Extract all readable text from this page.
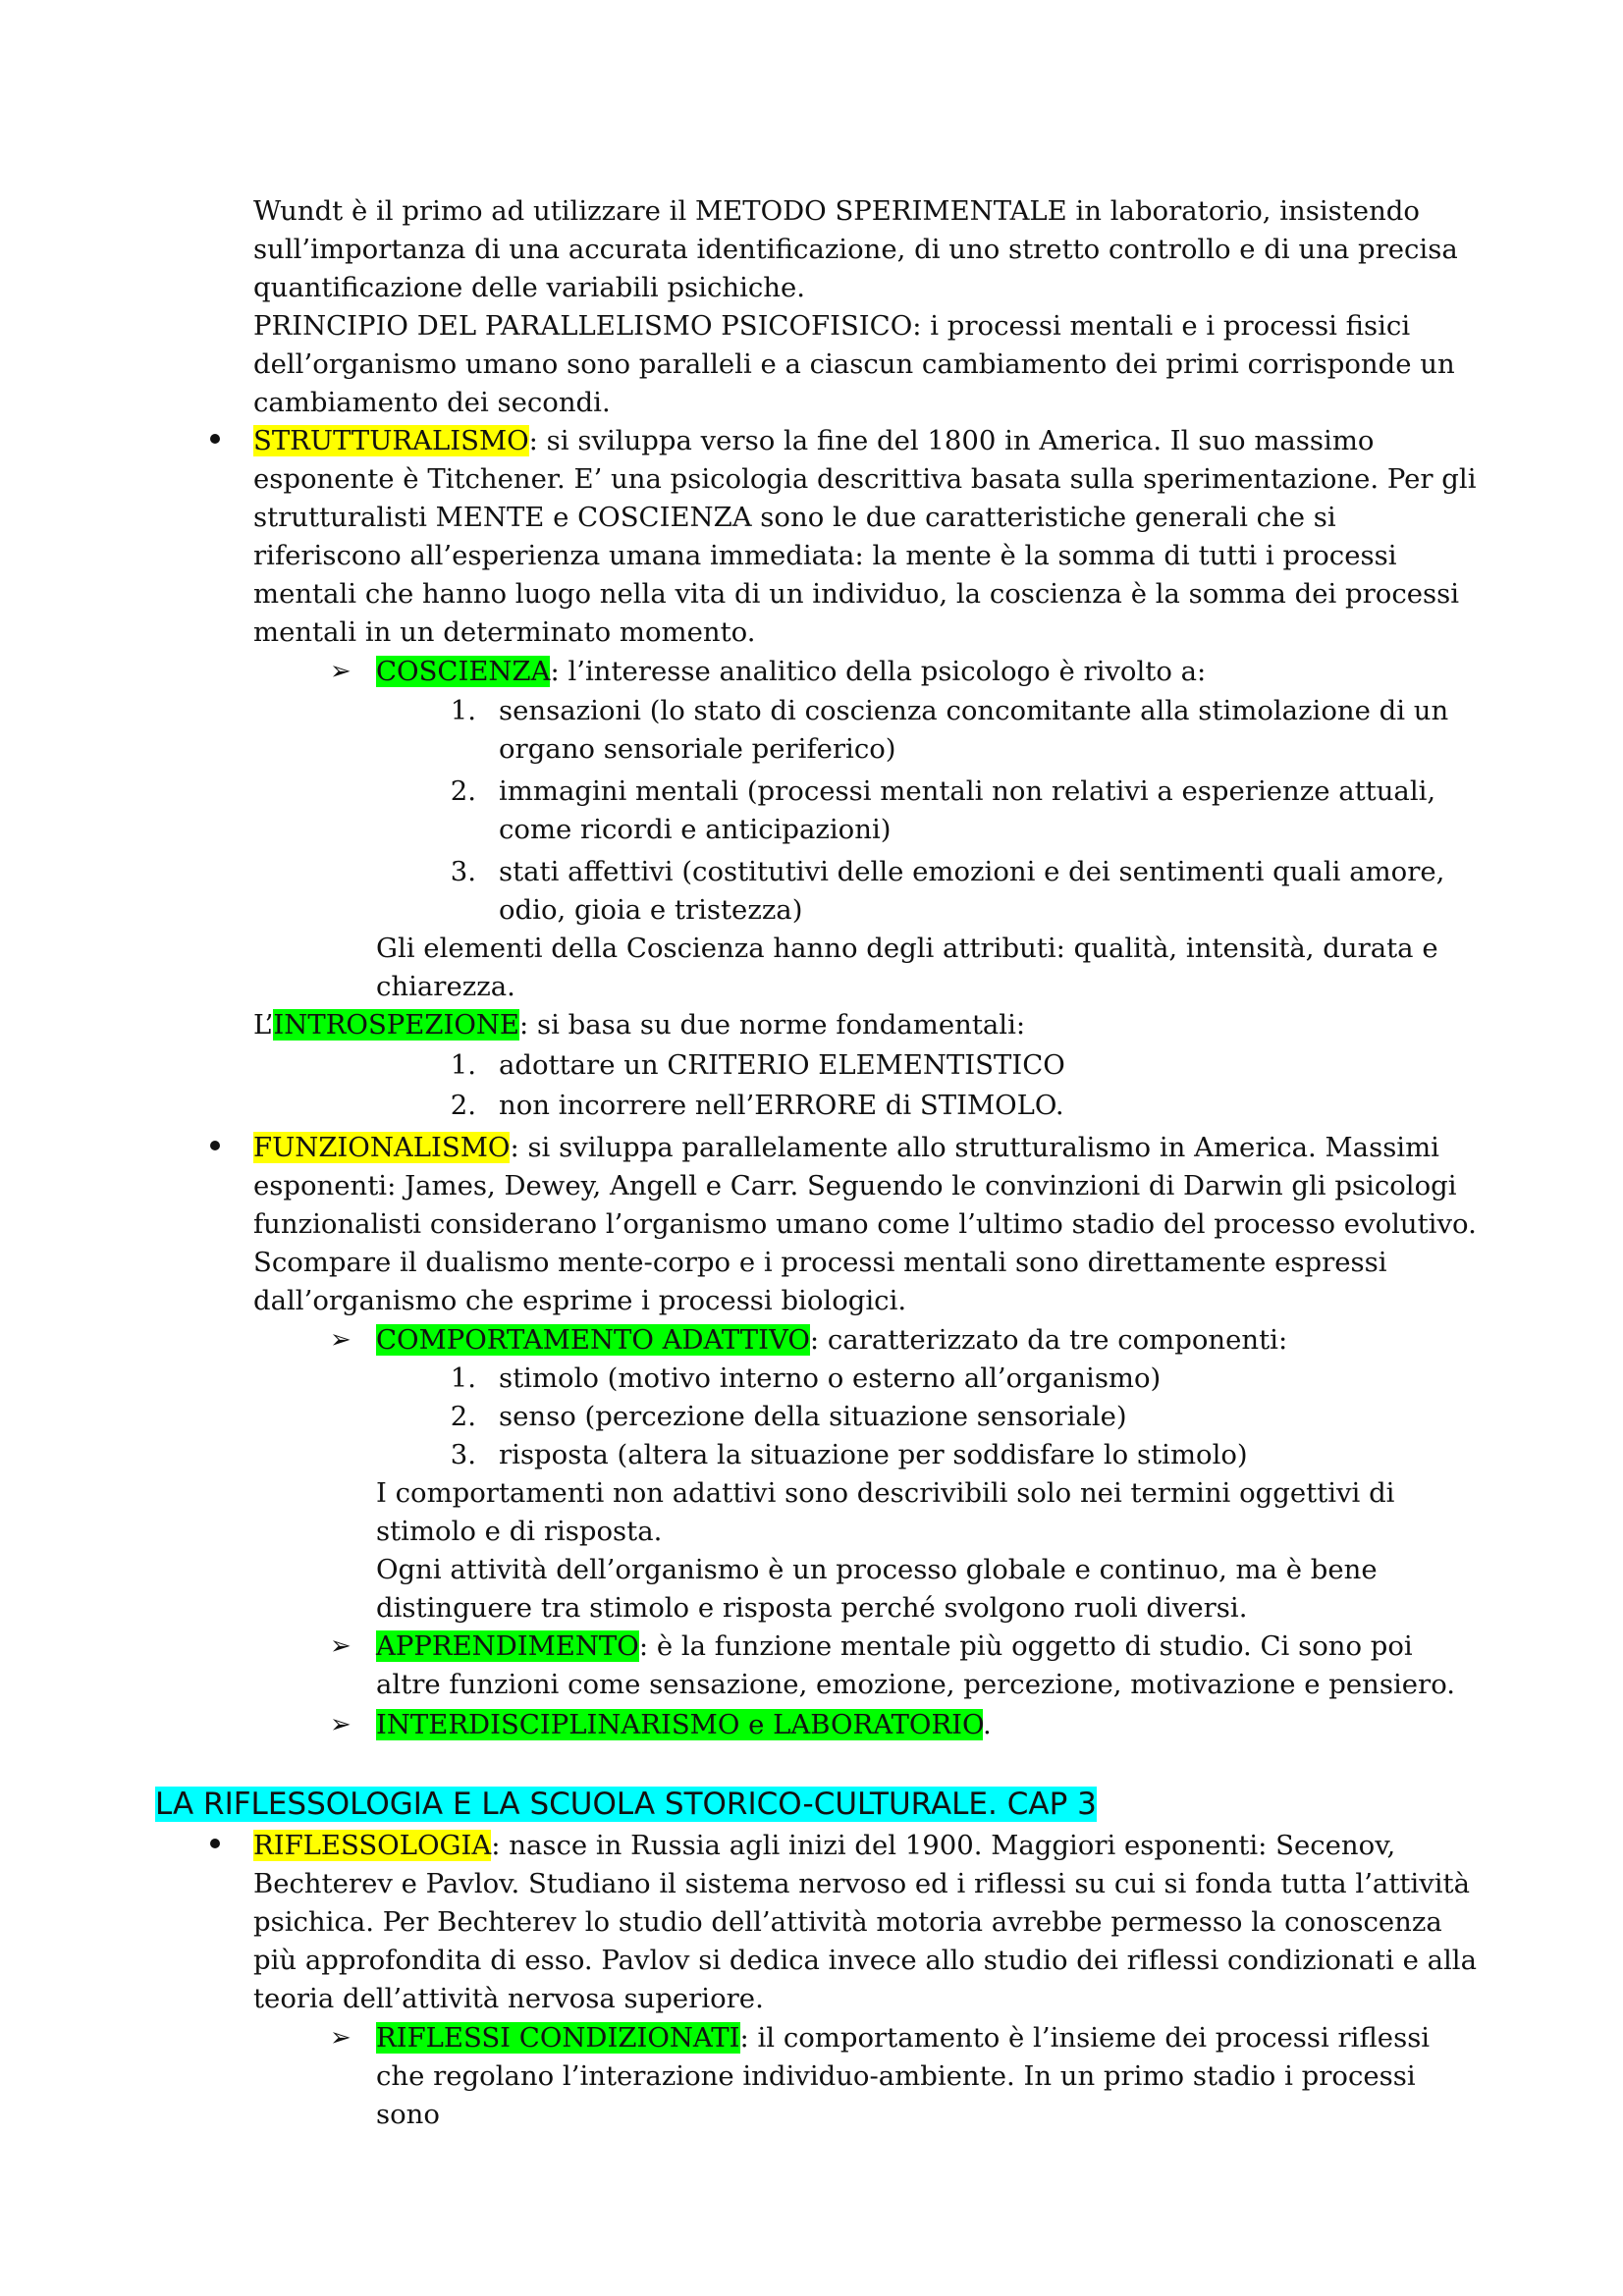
Wundt è il primo ad utilizzare il METODO SPERIMENTALE in laboratorio, insistendo sull’importanza di una accurata identificazione, di uno stretto controllo e di una precisa quantificazione delle variabili psichiche.

PRINCIPIO DEL PARALLELISMO PSICOFISICO: i processi mentali e i processi fisici dell’organismo umano sono paralleli e a ciascun cambiamento dei primi corrisponde un cambiamento dei secondi.

STRUTTURALISMO: si sviluppa verso la fine del 1800 in America. Il suo massimo esponente è Titchener. E’ una psicologia descrittiva basata sulla sperimentazione. Per gli strutturalisti MENTE e COSCIENZA sono le due caratteristiche generali che si riferiscono all’esperienza umana immediata: la mente è la somma di tutti i processi mentali che hanno luogo nella vita di un individuo, la coscienza è la somma dei processi mentali in un determinato momento.

➢ COSCIENZA: l’interesse analitico della psicologo è rivolto a:

1. sensazioni (lo stato di coscienza concomitante alla stimolazione di un organo sensoriale periferico)

2. immagini mentali (processi mentali non relativi a esperienze attuali, come ricordi e anticipazioni)

3. stati affettivi (costitutivi delle emozioni e dei sentimenti quali amore, odio, gioia e tristezza)

Gli elementi della Coscienza hanno degli attributi: qualità, intensità, durata e chiarezza.

L’INTROSPEZIONE: si basa su due norme fondamentali:

1. adottare un CRITERIO ELEMENTISTICO

2. non incorrere nell’ERRORE di STIMOLO.

FUNZIONALISMO: si sviluppa parallelamente allo strutturalismo in America. Massimi esponenti: James, Dewey, Angell e Carr. Seguendo le convinzioni di Darwin gli psicologi funzionalisti considerano l’organismo umano come l’ultimo stadio del processo evolutivo. Scompare il dualismo mente-corpo e i processi mentali sono direttamente espressi dall’organismo che esprime i processi biologici.

➢ COMPORTAMENTO ADATTIVO: caratterizzato da tre componenti:

1. stimolo (motivo interno o esterno all’organismo)

2. senso (percezione della situazione sensoriale)

3. risposta (altera la situazione per soddisfare lo stimolo)

I comportamenti non adattivi sono descrivibili solo nei termini oggettivi di stimolo e di risposta.

Ogni attività dell’organismo è un processo globale e continuo, ma è bene distinguere tra stimolo e risposta perché svolgono ruoli diversi.

➢ APPRENDIMENTO: è la funzione mentale più oggetto di studio. Ci sono poi altre funzioni come sensazione, emozione, percezione, motivazione e pensiero.

➢ INTERDISCIPLINARISMO e LABORATORIO.

LA RIFLESSOLOGIA E LA SCUOLA STORICO-CULTURALE. CAP 3

RIFLESSOLOGIA: nasce in Russia agli inizi del 1900. Maggiori esponenti: Secenov, Bechterev e Pavlov. Studiano il sistema nervoso ed i riflessi su cui si fonda tutta l’attività psichica. Per Bechterev lo studio dell’attività motoria avrebbe permesso la conoscenza più approfondita di esso. Pavlov si dedica invece allo studio dei riflessi condizionati e alla teoria dell’attività nervosa superiore.

➢ RIFLESSI CONDIZIONATI: il comportamento è l’insieme dei processi riflessi che regolano l’interazione individuo-ambiente. In un primo stadio i processi sono
